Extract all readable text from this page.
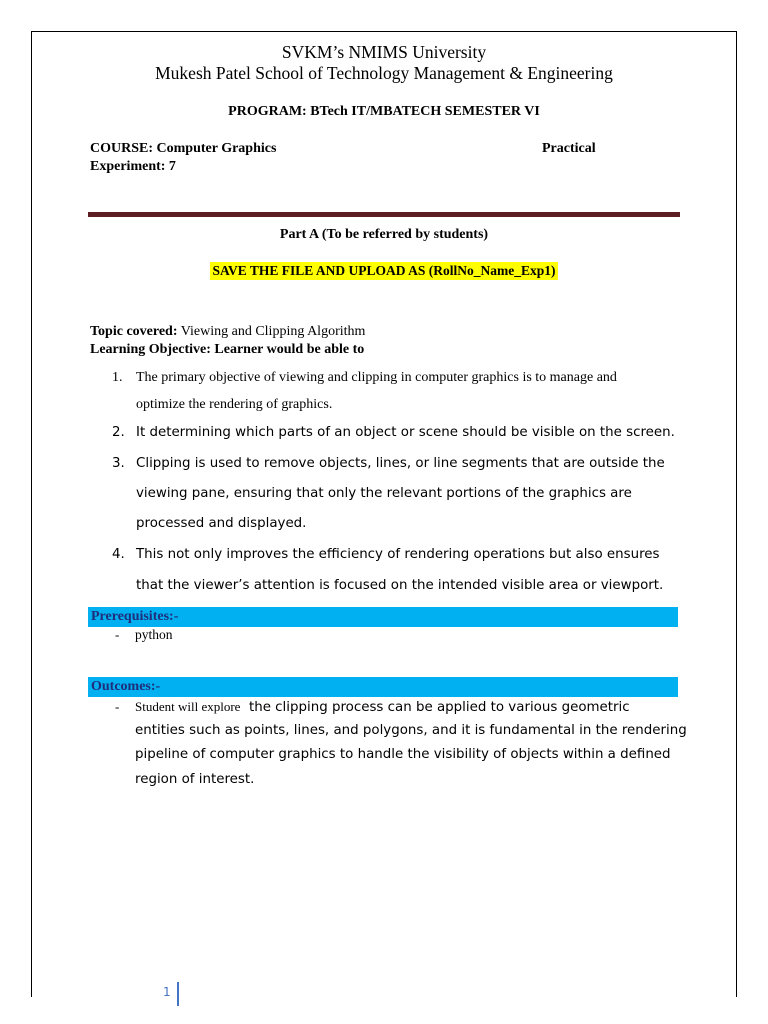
SVKM’s NMIMS University
Mukesh Patel School of Technology Management & Engineering
PROGRAM: BTech IT/MBATECH SEMESTER VI
COURSE: Computer Graphics	Practical
Experiment: 7
Part A (To be referred by students)
SAVE THE FILE AND UPLOAD AS (RollNo_Name_Exp1)
Topic covered: Viewing and Clipping Algorithm
Learning Objective: Learner would be able to
1. The primary objective of viewing and clipping in computer graphics is to manage and
optimize the rendering of graphics.
2. It determining which parts of an object or scene should be visible on the screen.
3. Clipping is used to remove objects, lines, or line segments that are outside the
viewing pane, ensuring that only the relevant portions of the graphics are
processed and displayed.
4. This not only improves the efficiency of rendering operations but also ensures
that the viewer’s attention is focused on the intended visible area or viewport.
Prerequisites:-
- python
Outcomes:-
- Student will explore  the clipping process can be applied to various geometric
entities such as points, lines, and polygons, and it is fundamental in the rendering
pipeline of computer graphics to handle the visibility of objects within a defined
region of interest.
1
